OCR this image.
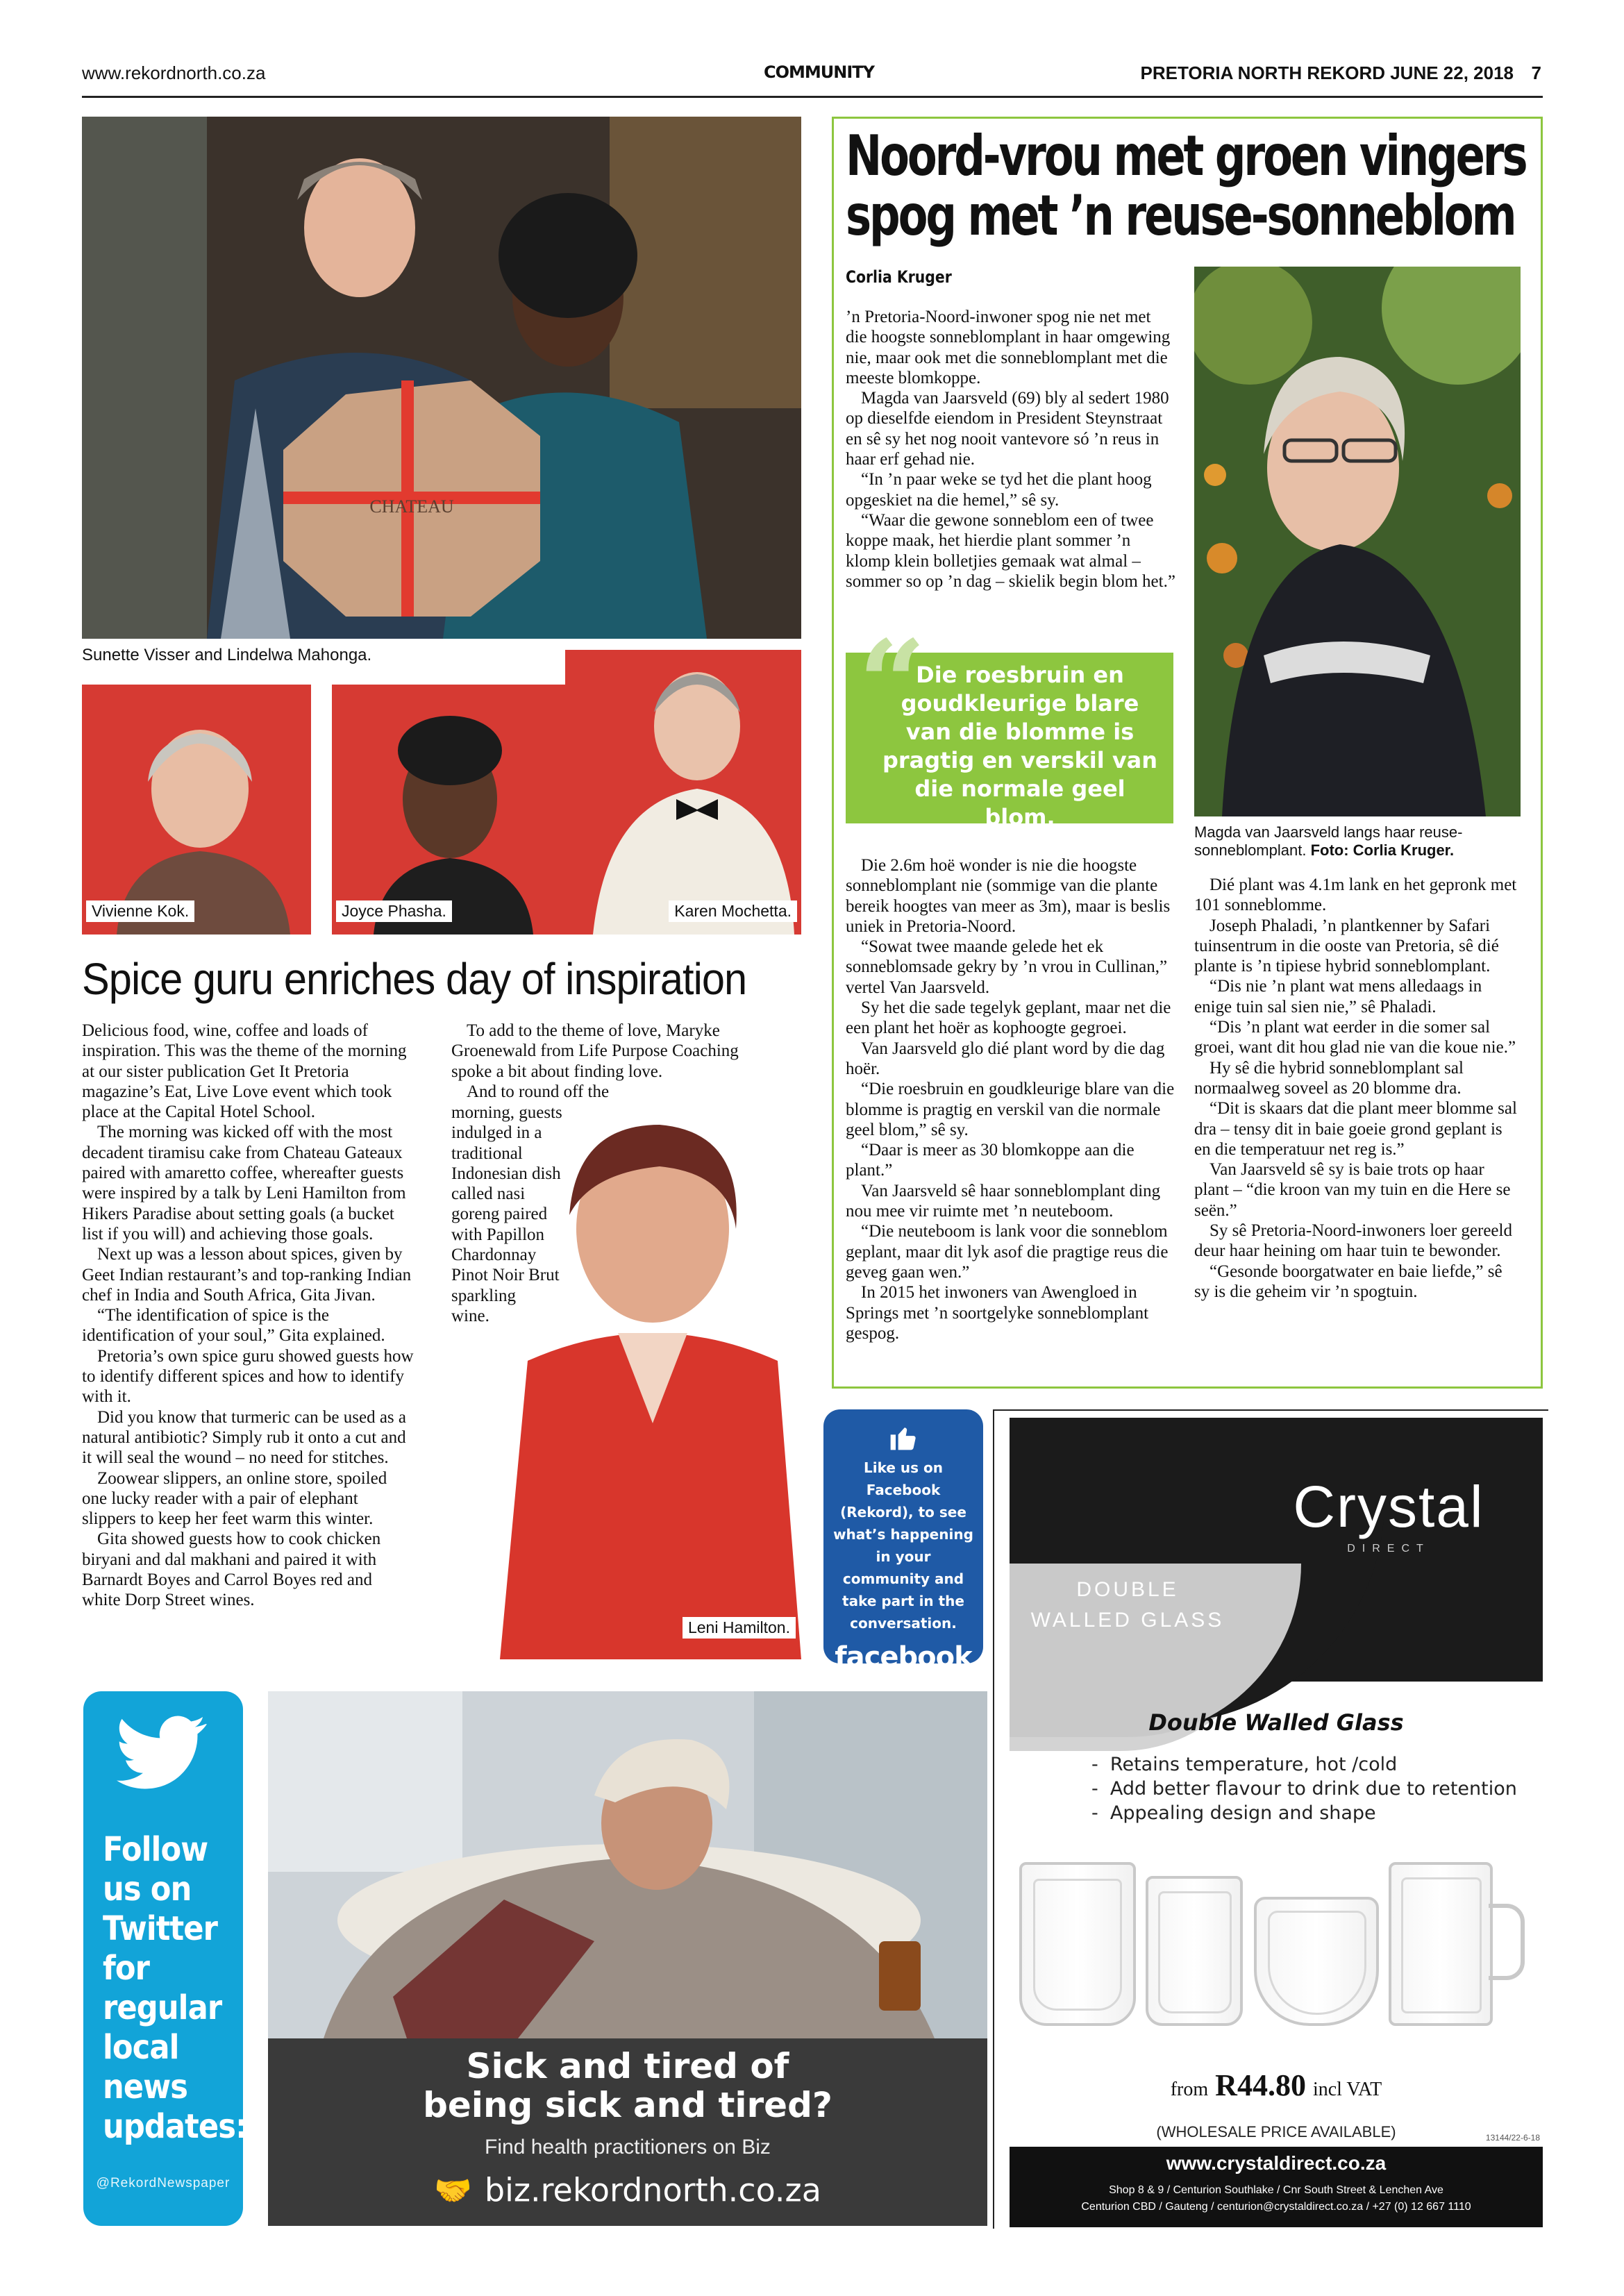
www.rekordnorth.co.za	COMMUNITY	PRETORIA NORTH REKORD JUNE 22, 2018 7
CHATEAU
Sunette Visser and Lindelwa Mahonga.
Vivienne Kok.	Joyce Phasha.	Karen Mochetta.
Spice guru enriches day of inspiration

Delicious food, wine, coffee and loads of inspiration. This was the theme of the morning at our sister publication Get It Pretoria magazine’s Eat, Live Love event which took place at the Capital Hotel School.

The morning was kicked off with the most decadent tiramisu cake from Chateau Gateaux paired with amaretto coffee, whereafter guests were inspired by a talk by Leni Hamilton from Hikers Paradise about setting goals (a bucket list if you will) and achieving those goals.

Next up was a lesson about spices, given by Geet Indian restaurant’s and top-ranking Indian chef in India and South Africa, Gita Jivan.

“The identification of spice is the identification of your soul,” Gita explained.

Pretoria’s own spice guru showed guests how to identify different spices and how to identify with it.

Did you know that turmeric can be used as a natural antibiotic? Simply rub it onto a cut and it will seal the wound – no need for stitches.

Zoowear slippers, an online store, spoiled one lucky reader with a pair of elephant slippers to keep her feet warm this winter.

Gita showed guests how to cook chicken biryani and dal makhani and paired it with Barnardt Boyes and Carrol Boyes red and white Dorp Street wines.

To add to the theme of love, Maryke Groenewald from Life Purpose Coaching spoke a bit about finding love.

And to round off the

morning, guests
indulged in a
traditional
Indonesian dish
called nasi
goreng paired
with Papillon
Chardonnay
Pinot Noir Brut
sparkling
wine.
Leni Hamilton.
Noord-vrou met groen vingers
spog met ’n reuse-sonneblom
Corlia Kruger

’n Pretoria-Noord-inwoner spog nie net met die hoogste sonneblomplant in haar omgewing nie, maar ook met die sonneblomplant met die meeste blomkoppe.

Magda van Jaarsveld (69) bly al sedert 1980 op dieselfde eiendom in President Steynstraat en sê sy het nog nooit vantevore só ’n reus in haar erf gehad nie.

“In ’n paar weke se tyd het die plant hoog opgeskiet na die hemel,” sê sy.

“Waar die gewone sonneblom een of twee koppe maak, het hierdie plant sommer ’n klomp klein bolletjies gemaak wat almal – sommer so op ’n dag – skielik begin blom het.”

Die roesbruin en goudkleurige blare van die blomme is pragtig en verskil van die normale geel blom.
“

Die 2.6m hoë wonder is nie die hoogste sonneblomplant nie (sommige van die plante bereik hoogtes van meer as 3m), maar is beslis uniek in Pretoria-Noord.

“Sowat twee maande gelede het ek sonneblomsade gekry by ’n vrou in Cullinan,” vertel Van Jaarsveld.

Sy het die sade tegelyk geplant, maar net die een plant het hoër as kophoogte gegroei.

Van Jaarsveld glo dié plant word by die dag hoër.

“Die roesbruin en goudkleurige blare van die blomme is pragtig en verskil van die normale geel blom,” sê sy.

“Daar is meer as 30 blomkoppe aan die plant.”

Van Jaarsveld sê haar sonneblomplant ding nou mee vir ruimte met ’n neuteboom.

“Die neuteboom is lank voor die sonneblom geplant, maar dit lyk asof die pragtige reus die geveg gaan wen.”

In 2015 het inwoners van Awengloed in Springs met ’n soortgelyke sonneblomplant gespog.

Magda van Jaarsveld langs haar reuse-sonneblomplant. Foto: Corlia Kruger.

Dié plant was 4.1m lank en het gepronk met 101 sonneblomme.

Joseph Phaladi, ’n plantkenner by Safari tuinsentrum in die ooste van Pretoria, sê dié plante is ’n tipiese hybrid sonneblomplant.

“Dis nie ’n plant wat mens alledaags in enige tuin sal sien nie,” sê Phaladi.

“Dis ’n plant wat eerder in die somer sal groei, want dit hou glad nie van die koue nie.”

Hy sê die hybrid sonneblomplant sal normaalweg soveel as 20 blomme dra.

“Dit is skaars dat die plant meer blomme sal dra – tensy dit in baie goeie grond geplant is en die temperatuur net reg is.”

Van Jaarsveld sê sy is baie trots op haar plant – “die kroon van my tuin en die Here se seën.”

Sy sê Pretoria-Noord-inwoners loer gereeld deur haar heining om haar tuin te bewonder.

“Gesonde boorgatwater en baie liefde,” sê sy is die geheim vir ’n spogtuin.

Like us on Facebook (Rekord), to see what’s happening in your community and take part in the conversation.
facebook
Follow
us on
Twitter
for
regular
local
news
updates:
@RekordNewspaper
Sick and tired of
being sick and tired?
Find health practitioners on Biz
🤝 biz.rekordnorth.co.za
DOUBLE
WALLED GLASS
Crystal
DIRECT
Double Walled Glass
-  Retains temperature, hot /cold
-  Add better flavour to drink due to retention
-  Appealing design and shape
from R44.80 incl VAT
(WHOLESALE PRICE AVAILABLE)	13144/22-6-18
www.crystaldirect.co.za
Shop 8 & 9 / Centurion Southlake / Cnr South Street & Lenchen Ave
Centurion CBD / Gauteng / centurion@crystaldirect.co.za / +27 (0) 12 667 1110
